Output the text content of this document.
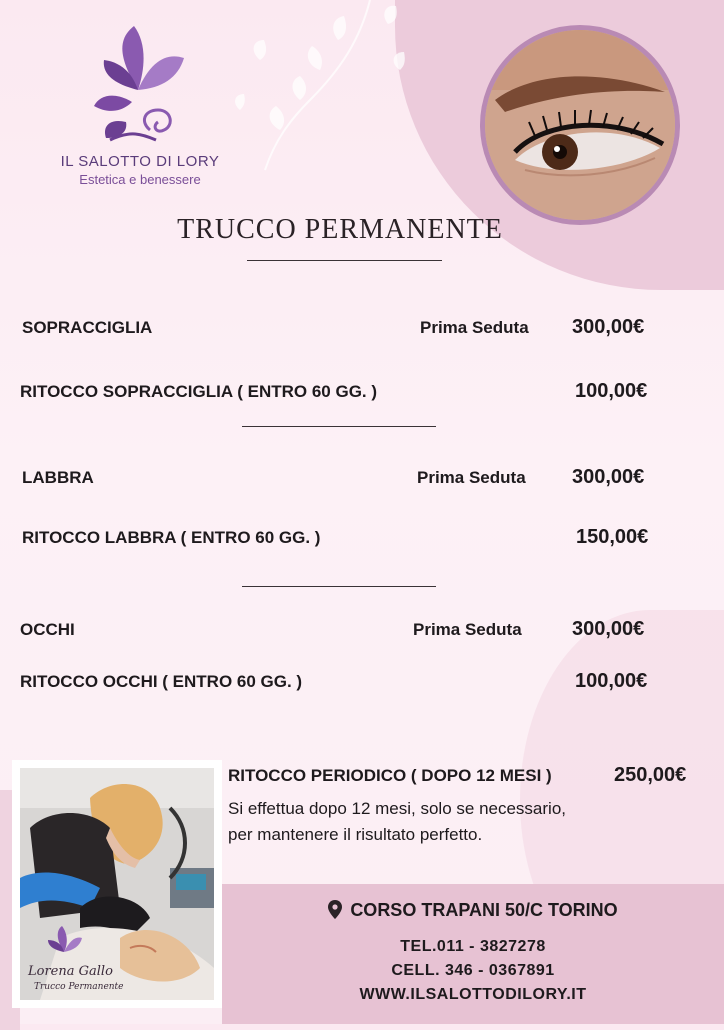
IL SALOTTO DI LORY
Estetica e benessere
TRUCCO PERMANENTE
SOPRACCIGLIA	Prima Seduta 300,00€
RITOCCO SOPRACCIGLIA ( ENTRO 60 GG. )	100,00€
LABBRA	Prima Seduta 300,00€
RITOCCO LABBRA ( ENTRO 60 GG. )	150,00€
OCCHI	Prima Seduta	300,00€
RITOCCO OCCHI ( ENTRO 60 GG. )	100,00€
Lorena Gallo
Trucco Permanente
RITOCCO PERIODICO ( DOPO 12 MESI )	250,00€
Si effettua dopo 12 mesi, solo se necessario,
per mantenere il risultato perfetto.
CORSO TRAPANI 50/C TORINO
TEL.011 - 3827278
CELL. 346 - 0367891
WWW.ILSALOTTODILORY.IT
